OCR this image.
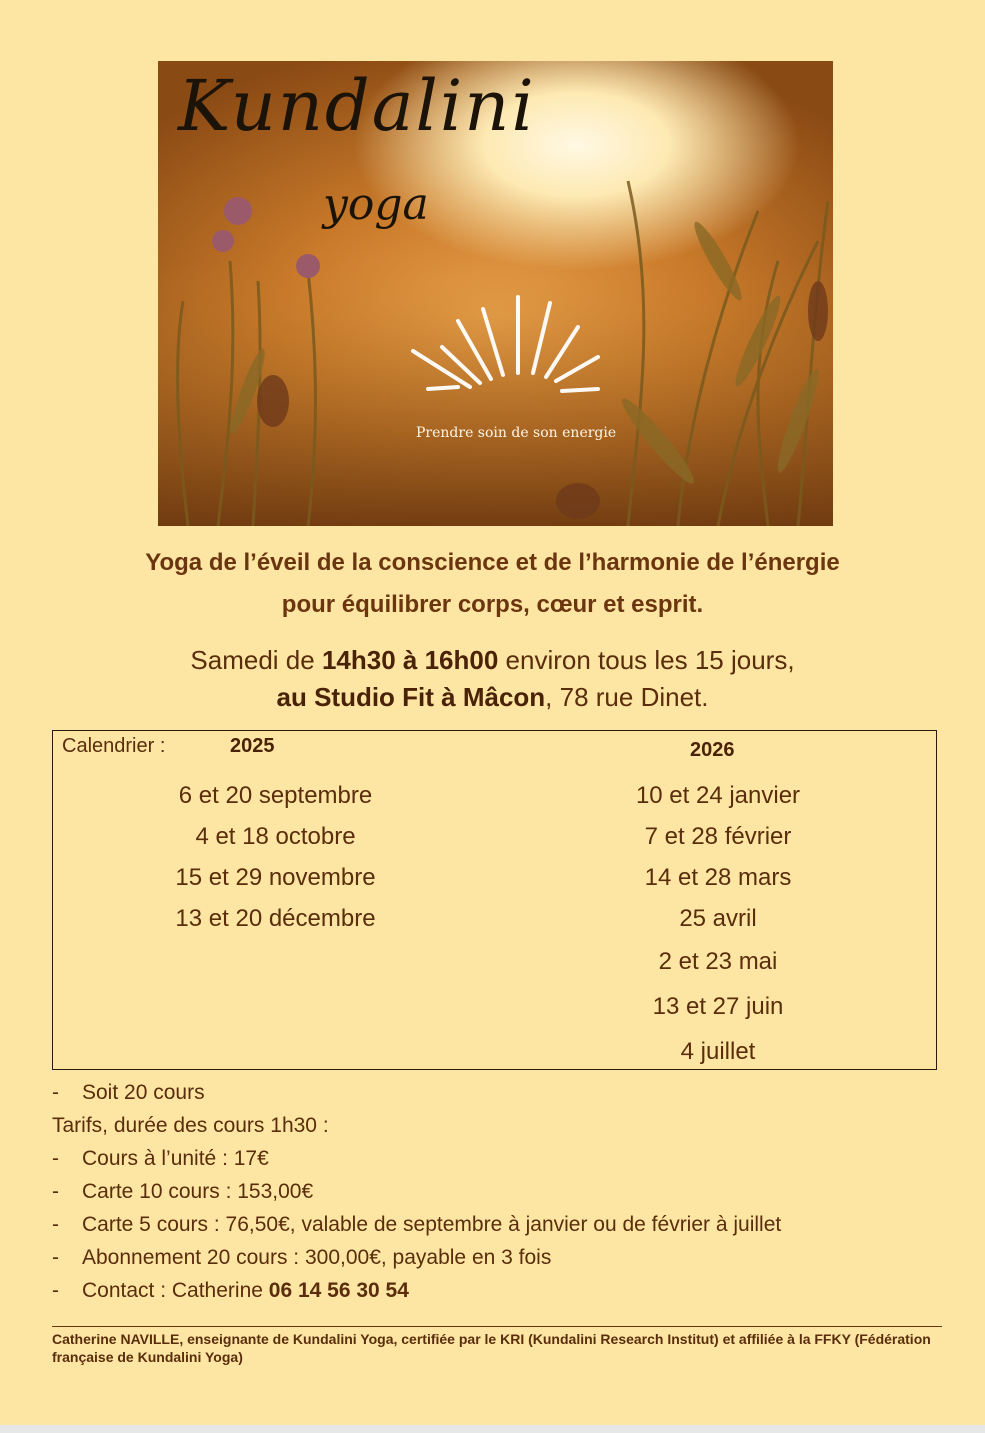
Kundalini
yoga
Prendre soin de son energie
Yoga de l’éveil de la conscience et de l’harmonie de l’énergie
pour équilibrer corps, cœur et esprit.
Samedi de 14h30 à 16h00 environ tous les 15 jours,
au Studio Fit à Mâcon, 78 rue Dinet.
Calendrier :	2025	2026
6 et 20 septembre
4 et 18 octobre
15 et 29 novembre
13 et 20 décembre
10 et 24 janvier
7 et 28 février
14 et 28 mars
25 avril
2 et 23 mai
13 et 27 juin
4 juillet
- Soit 20 cours
Tarifs, durée des cours 1h30 :
- Cours à l’unité : 17€
- Carte 10 cours : 153,00€
- Carte 5 cours : 76,50€, valable de septembre à janvier ou de février à juillet
- Abonnement 20 cours : 300,00€, payable en 3 fois
- Contact : Catherine 06 14 56 30 54
Catherine NAVILLE, enseignante de Kundalini Yoga, certifiée par le KRI (Kundalini Research Institut) et affiliée à la FFKY (Fédération française de Kundalini Yoga)
